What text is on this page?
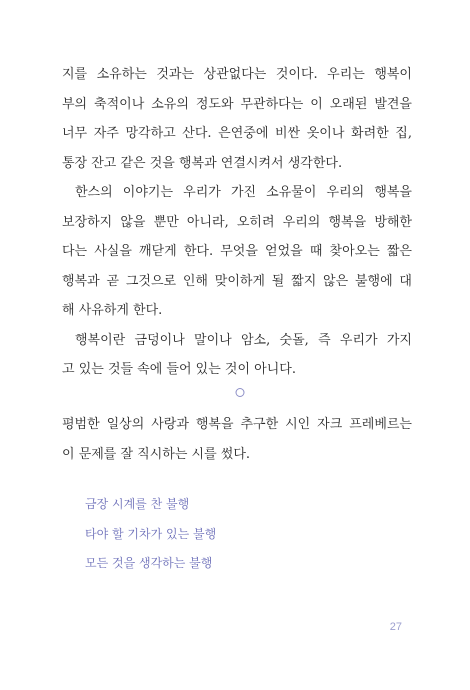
지를 소유하는 것과는 상관없다는 것이다. 우리는 행복이
부의 축적이나 소유의 정도와 무관하다는 이 오래된 발견을
너무 자주 망각하고 산다. 은연중에 비싼 옷이나 화려한 집,
통장 잔고 같은 것을 행복과 연결시켜서 생각한다.
한스의 이야기는 우리가 가진 소유물이 우리의 행복을
보장하지 않을 뿐만 아니라, 오히려 우리의 행복을 방해한
다는 사실을 깨닫게 한다. 무엇을 얻었을 때 찾아오는 짧은
행복과 곧 그것으로 인해 맞이하게 될 짧지 않은 불행에 대
해 사유하게 한다.
행복이란 금덩이나 말이나 암소, 숫돌, 즉 우리가 가지
고 있는 것들 속에 들어 있는 것이 아니다.
평범한 일상의 사랑과 행복을 추구한 시인 자크 프레베르는
이 문제를 잘 직시하는 시를 썼다.
금장 시계를 찬 불행
타야 할 기차가 있는 불행
모든 것을 생각하는 불행
27
